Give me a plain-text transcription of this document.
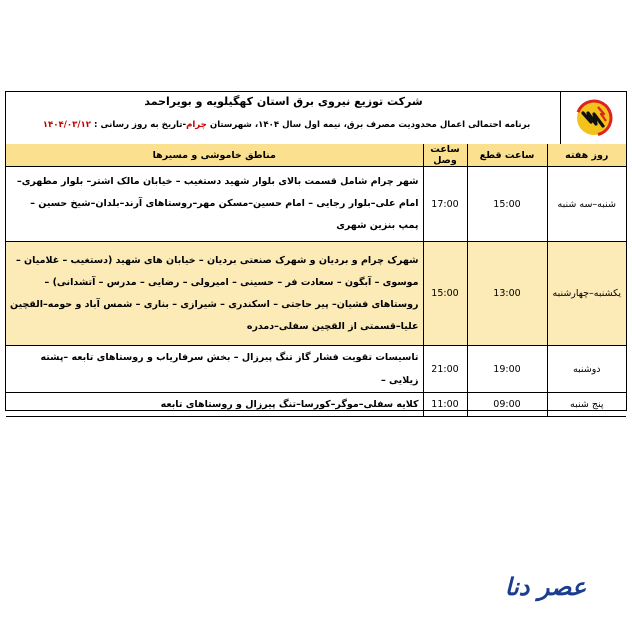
شرکت توزیع نیروی برق استان کهگیلویه و بویراحمد
برنامه احتمالی اعمال محدودیت مصرف برق، نیمه اول سال ۱۴۰۴، شهرستان چرام-تاریخ به روز رسانی : ۱۴۰۴/۰۳/۱۲
روز هفته	ساعت قطع	ساعت وصل	مناطق خاموشی و مسیرها
شنبه–سه شنبه	15:00	17:00	شهر چرام شامل قسمت بالای بلوار شهید دستغیب – خیابان مالک اشتر– بلوار مطهری– امام علی–بلوار رجایی – امام حسین–مسکن مهر–روستاهای آرند–بلدان–شیخ حسین – پمپ بنزین شهری
یکشنبه–چهارشنبه	13:00	15:00	شهرک چرام و بردیان و شهرک صنعتی بردیان – خیابان های شهید (دستغیب – غلامیان – موسوی – آبگون – سعادت فر – حسینی – امیرولی – رضایی – مدرس – آتشدانی) – روستاهای فشیان– پیر حاجتی – اسکندری – شیرازی – بناری – شمس آباد و حومه–القچین علیا–قسمتی از القچین سفلی–دمدره
دوشنبه	19:00	21:00	تاسیسات تقویت فشار گاز تنگ پیرزال – بخش سرفاریاب و روستاهای تابعه –پشته زیلایی –
پنج شنبه	09:00	11:00	کلایه سفلی–موگر–کورسا–تنگ پیرزال و روستاهای تابعه
عصر دنا
